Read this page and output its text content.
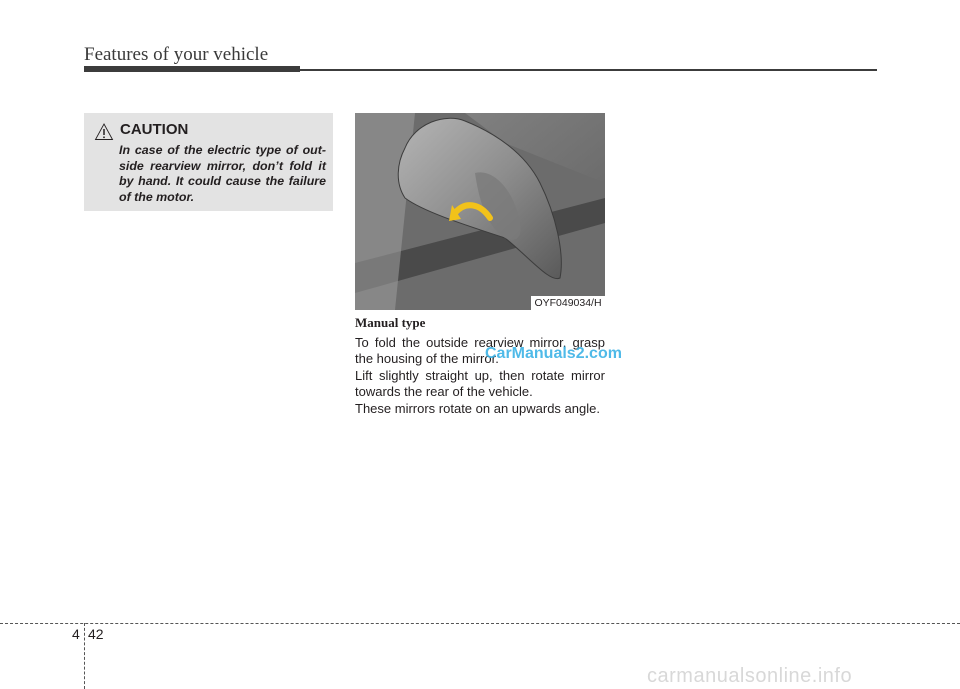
Features of your vehicle
CAUTION
In case of the electric type of out-side rearview mirror, don’t fold it by hand. It could cause the failure of the motor.
OYF049034/H
Manual type
To fold the outside rearview mirror, grasp the housing of the mirror.
Lift slightly straight up, then rotate mirror towards the rear of the vehicle.
These mirrors rotate on an upwards angle.
CarManuals2.com
4 42
carmanualsonline.info
